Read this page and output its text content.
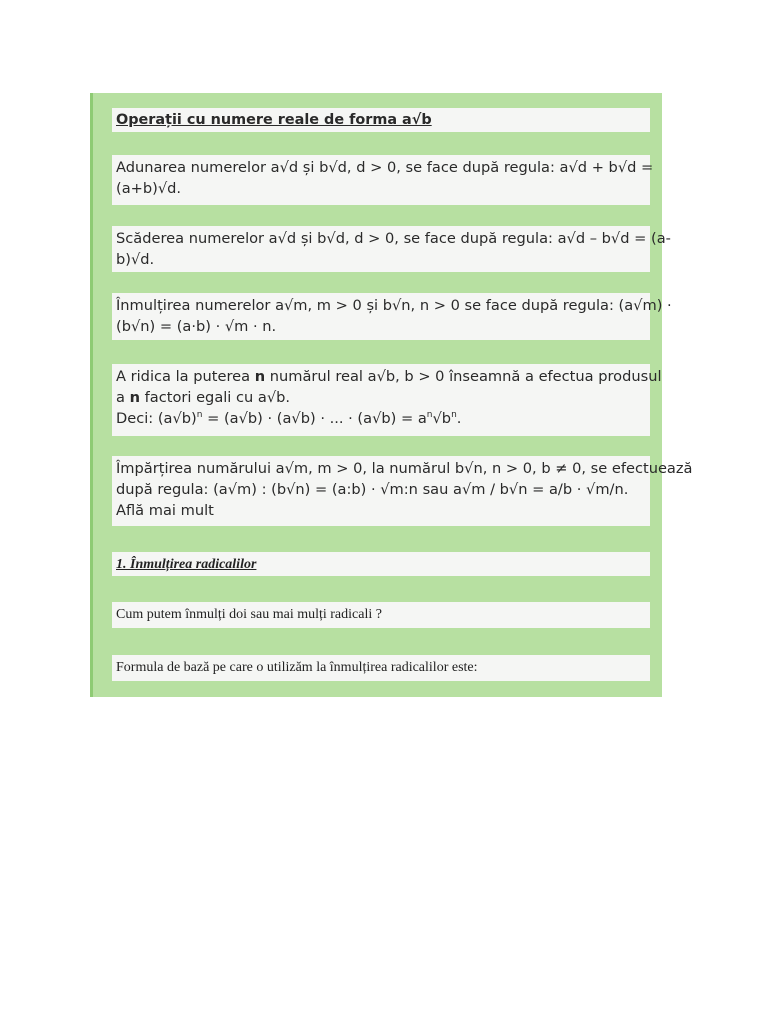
Operații cu numere reale de forma a√b
Adunarea numerelor a√d și b√d, d > 0, se face după regula: a√d + b√d =
(a+b)√d.
Scăderea numerelor a√d și b√d, d > 0, se face după regula: a√d – b√d = (a-
b)√d.
Înmulțirea numerelor a√m, m > 0 și b√n, n > 0 se face după regula: (a√m) ·
(b√n) = (a·b) · √m · n.
A ridica la puterea n numărul real a√b, b > 0 înseamnă a efectua produsul
a n factori egali cu a√b.
Deci: $(a√b)^n = (a√b) \cdot (a√b)$ · ... · $(a√b) = a^n√b^n$.
Împărțirea numărului a√m, m > 0, la numărul b√n, n > 0, b ≠ 0, se efectuează
după regula: (a√m) : (b√n) = (a:b) · √m:n sau a√m / b√n = a/b · √m/n.
Află mai mult
1. Înmulțirea radicalilor
Cum putem înmulți doi sau mai mulți radicali ?
Formula de bază pe care o utilizăm la înmulțirea radicalilor este:
